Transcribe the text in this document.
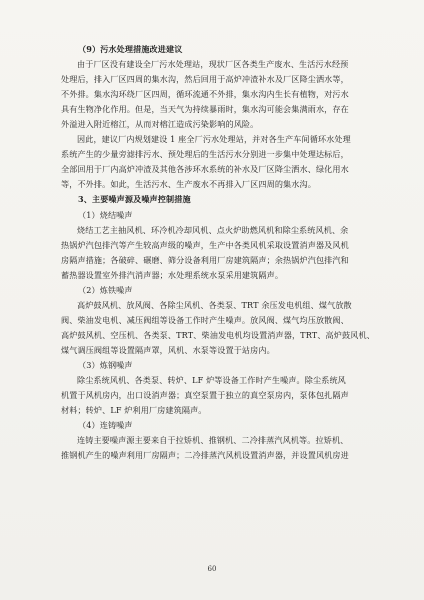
（9）污水处理措施改进建议
由于厂区没有建设全厂污水处理站，现状厂区各类生产废水、生活污水经预
处理后，排入厂区四周的集水沟，然后回用于高炉冲渣补水及厂区降尘洒水等，
不外排。集水沟环绕厂区四周，循环流通不外排，集水沟内生长有植物，对污水
具有生物净化作用。但是，当天气为持续暴雨时，集水沟可能会集满雨水，存在
外溢进入附近榕江，从而对榕江造成污染影响的风险。
因此，建议厂内规划建设 1 座全厂污水处理站，并对各生产车间循环水处理
系统产生的少量旁滤排污水、预处理后的生活污水分别进一步集中处理达标后，
全部回用于厂内高炉冲渣及其他各涉环水系统的补水及厂区降尘洒水、绿化用水
等，不外排。如此，生活污水、生产废水不再排入厂区四周的集水沟。
3、主要噪声源及噪声控制措施
（1）烧结噪声
烧结工艺主抽风机、环冷机冷却风机、点火炉助燃风机和除尘系统风机、余
热锅炉汽包排汽等产生较高声级的噪声，生产中各类风机采取设置消声器及风机
房隔声措施；各破碎、碾磨、筛分设备利用厂房建筑隔声；余热锅炉汽包排汽和
蓄热器设置室外排汽消声器；水处理系统水泵采用建筑隔声。
（2）炼铁噪声
高炉鼓风机、放风阀、各除尘风机、各类泵、TRT 余压发电机组、煤气放散
阀、柴油发电机、减压阀组等设备工作时产生噪声。放风阀、煤气均压放散阀、
高炉鼓风机、空压机、各类泵、TRT、柴油发电机均设置消声器，TRT、高炉鼓风机、
煤气调压阀组等设置隔声罩，风机、水泵等设置于站房内。
（3）炼钢噪声
除尘系统风机、各类泵、转炉、LF 炉等设备工作时产生噪声。除尘系统风
机置于风机房内，出口设消声器；真空泵置于独立的真空泵房内，泵体包扎隔声
材料；转炉、LF 炉利用厂房建筑隔声。
（4）连铸噪声
连铸主要噪声源主要来自于拉矫机、推钢机、二冷排蒸汽风机等。拉矫机、
推钢机产生的噪声利用厂房隔声；二冷排蒸汽风机设置消声器，并设置风机房进
60
